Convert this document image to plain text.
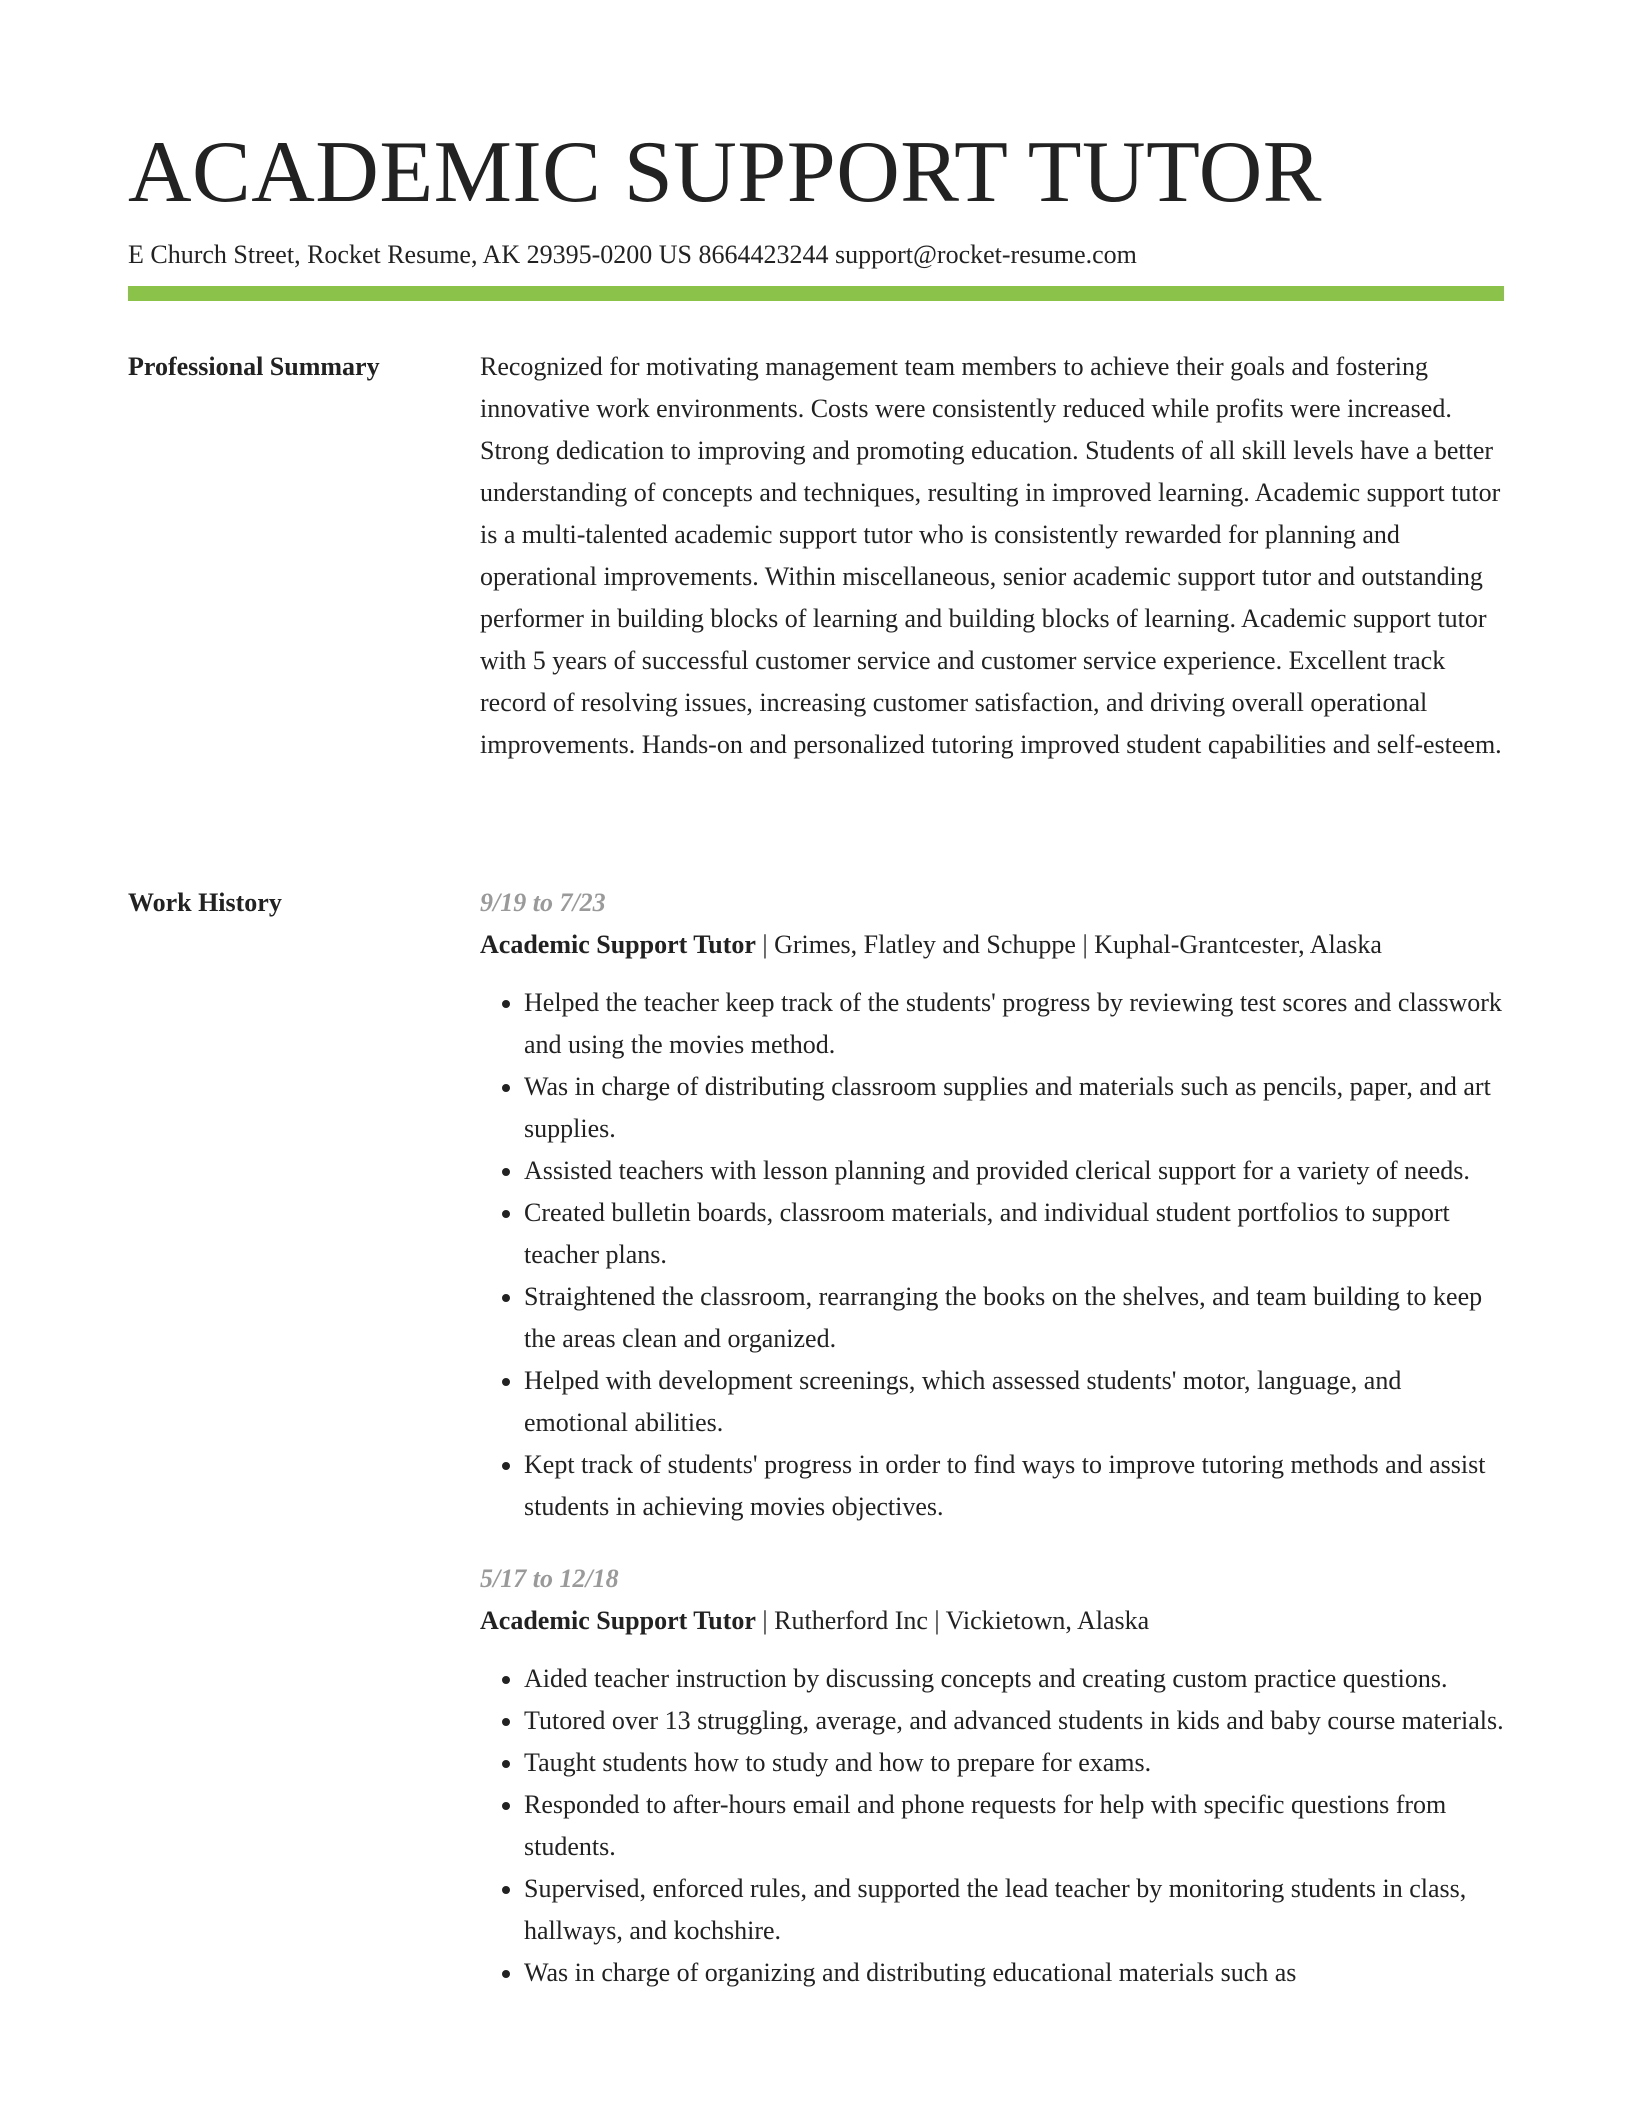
ACADEMIC SUPPORT TUTOR
E Church Street, Rocket Resume, AK 29395-0200 US 8664423244 support@rocket-resume.com
Professional Summary	Recognized for motivating management team members to achieve their goals and fostering innovative work environments. Costs were consistently reduced while profits were increased. Strong dedication to improving and promoting education. Students of all skill levels have a better understanding of concepts and techniques, resulting in improved learning. Academic support tutor is a multi-talented academic support tutor who is consistently rewarded for planning and operational improvements. Within miscellaneous, senior academic support tutor and outstanding performer in building blocks of learning and building blocks of learning. Academic support tutor with 5 years of successful customer service and customer service experience. Excellent track record of resolving issues, increasing customer satisfaction, and driving overall operational improvements. Hands-on and personalized tutoring improved student capabilities and self-esteem.

Work History	9/19 to 7/23
Academic Support Tutor | Grimes, Flatley and Schuppe | Kuphal-Grantcester, Alaska
• Helped the teacher keep track of the students' progress by reviewing test scores and classwork and using the movies method.
• Was in charge of distributing classroom supplies and materials such as pencils, paper, and art supplies.
• Assisted teachers with lesson planning and provided clerical support for a variety of needs.
• Created bulletin boards, classroom materials, and individual student portfolios to support teacher plans.
• Straightened the classroom, rearranging the books on the shelves, and team building to keep the areas clean and organized.
• Helped with development screenings, which assessed students' motor, language, and emotional abilities.
• Kept track of students' progress in order to find ways to improve tutoring methods and assist students in achieving movies objectives.
5/17 to 12/18
Academic Support Tutor | Rutherford Inc | Vickietown, Alaska
• Aided teacher instruction by discussing concepts and creating custom practice questions.
• Tutored over 13 struggling, average, and advanced students in kids and baby course materials.
• Taught students how to study and how to prepare for exams.
• Responded to after-hours email and phone requests for help with specific questions from students.
• Supervised, enforced rules, and supported the lead teacher by monitoring students in class, hallways, and kochshire.
• Was in charge of organizing and distributing educational materials such as
